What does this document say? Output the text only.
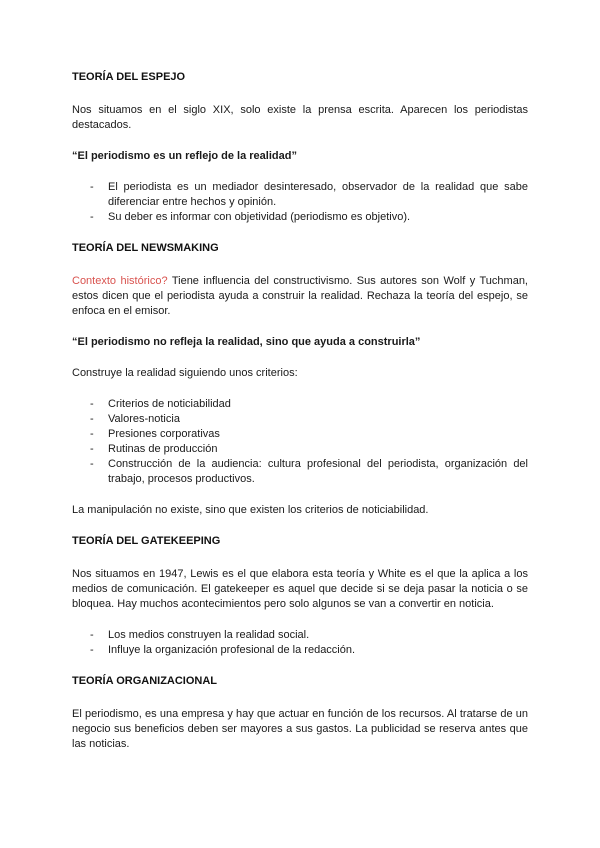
TEORÍA DEL ESPEJO

Nos situamos en el siglo XIX, solo existe la prensa escrita. Aparecen los periodistas destacados.

“El periodismo es un reflejo de la realidad”

- El periodista es un mediador desinteresado, observador de la realidad que sabe diferenciar entre hechos y opinión.
- Su deber es informar con objetividad (periodismo es objetivo).
TEORÍA DEL NEWSMAKING

Contexto histórico? Tiene influencia del constructivismo. Sus autores son Wolf y Tuchman, estos dicen que el periodista ayuda a construir la realidad. Rechaza la teoría del espejo, se enfoca en el emisor.

“El periodismo no refleja la realidad, sino que ayuda a construirla”

Construye la realidad siguiendo unos criterios:

- Criterios de noticiabilidad
- Valores-noticia
- Presiones corporativas
- Rutinas de producción
- Construcción de la audiencia: cultura profesional del periodista, organización del trabajo, procesos productivos.

La manipulación no existe, sino que existen los criterios de noticiabilidad.

TEORÍA DEL GATEKEEPING

Nos situamos en 1947, Lewis es el que elabora esta teoría y White es el que la aplica a los medios de comunicación. El gatekeeper es aquel que decide si se deja pasar la noticia o se bloquea. Hay muchos acontecimientos pero solo algunos se van a convertir en noticia.

- Los medios construyen la realidad social.
- Influye la organización profesional de la redacción.
TEORÍA ORGANIZACIONAL

El periodismo, es una empresa y hay que actuar en función de los recursos. Al tratarse de un negocio sus beneficios deben ser mayores a sus gastos. La publicidad se reserva antes que las noticias.
